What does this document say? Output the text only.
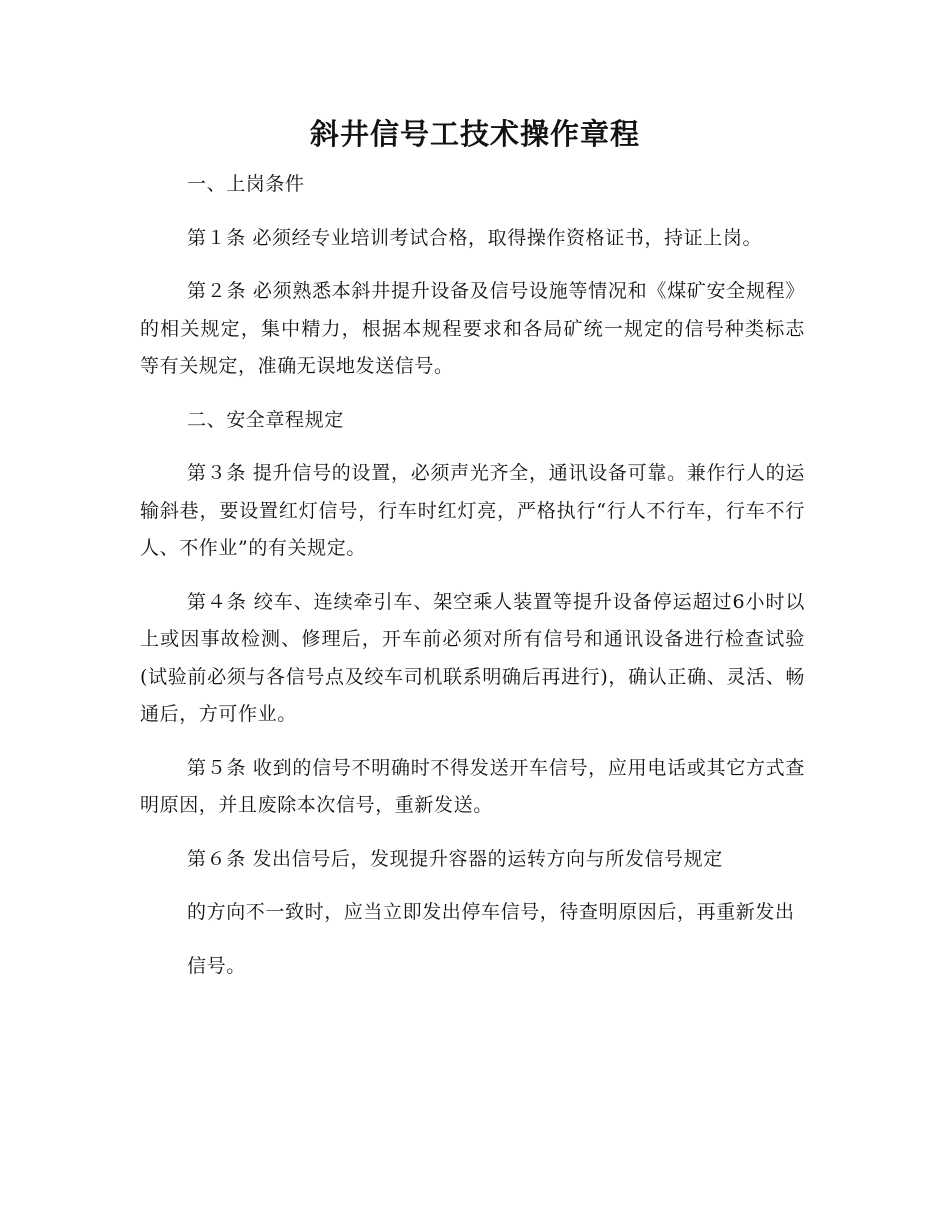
斜井信号工技术操作章程

一、上岗条件

第１条 必须经专业培训考试合格，取得操作资格证书，持证上岗。

第２条 必须熟悉本斜井提升设备及信号设施等情况和《煤矿安全规程》的相关规定，集中精力，根据本规程要求和各局矿统一规定的信号种类标志等有关规定，准确无误地发送信号。

二、安全章程规定

第３条 提升信号的设置，必须声光齐全，通讯设备可靠。兼作行人的运输斜巷，要设置红灯信号，行车时红灯亮，严格执行“行人不行车，行车不行人、不作业”的有关规定。

第４条 绞车、连续牵引车、架空乘人装置等提升设备停运超过6小时以上或因事故检测、修理后，开车前必须对所有信号和通讯设备进行检查试验(试验前必须与各信号点及绞车司机联系明确后再进行)，确认正确、灵活、畅通后，方可作业。

第５条 收到的信号不明确时不得发送开车信号，应用电话或其它方式查明原因，并且废除本次信号，重新发送。

第６条 发出信号后，发现提升容器的运转方向与所发信号规定

的方向不一致时，应当立即发出停车信号，待查明原因后，再重新发出

信号。
